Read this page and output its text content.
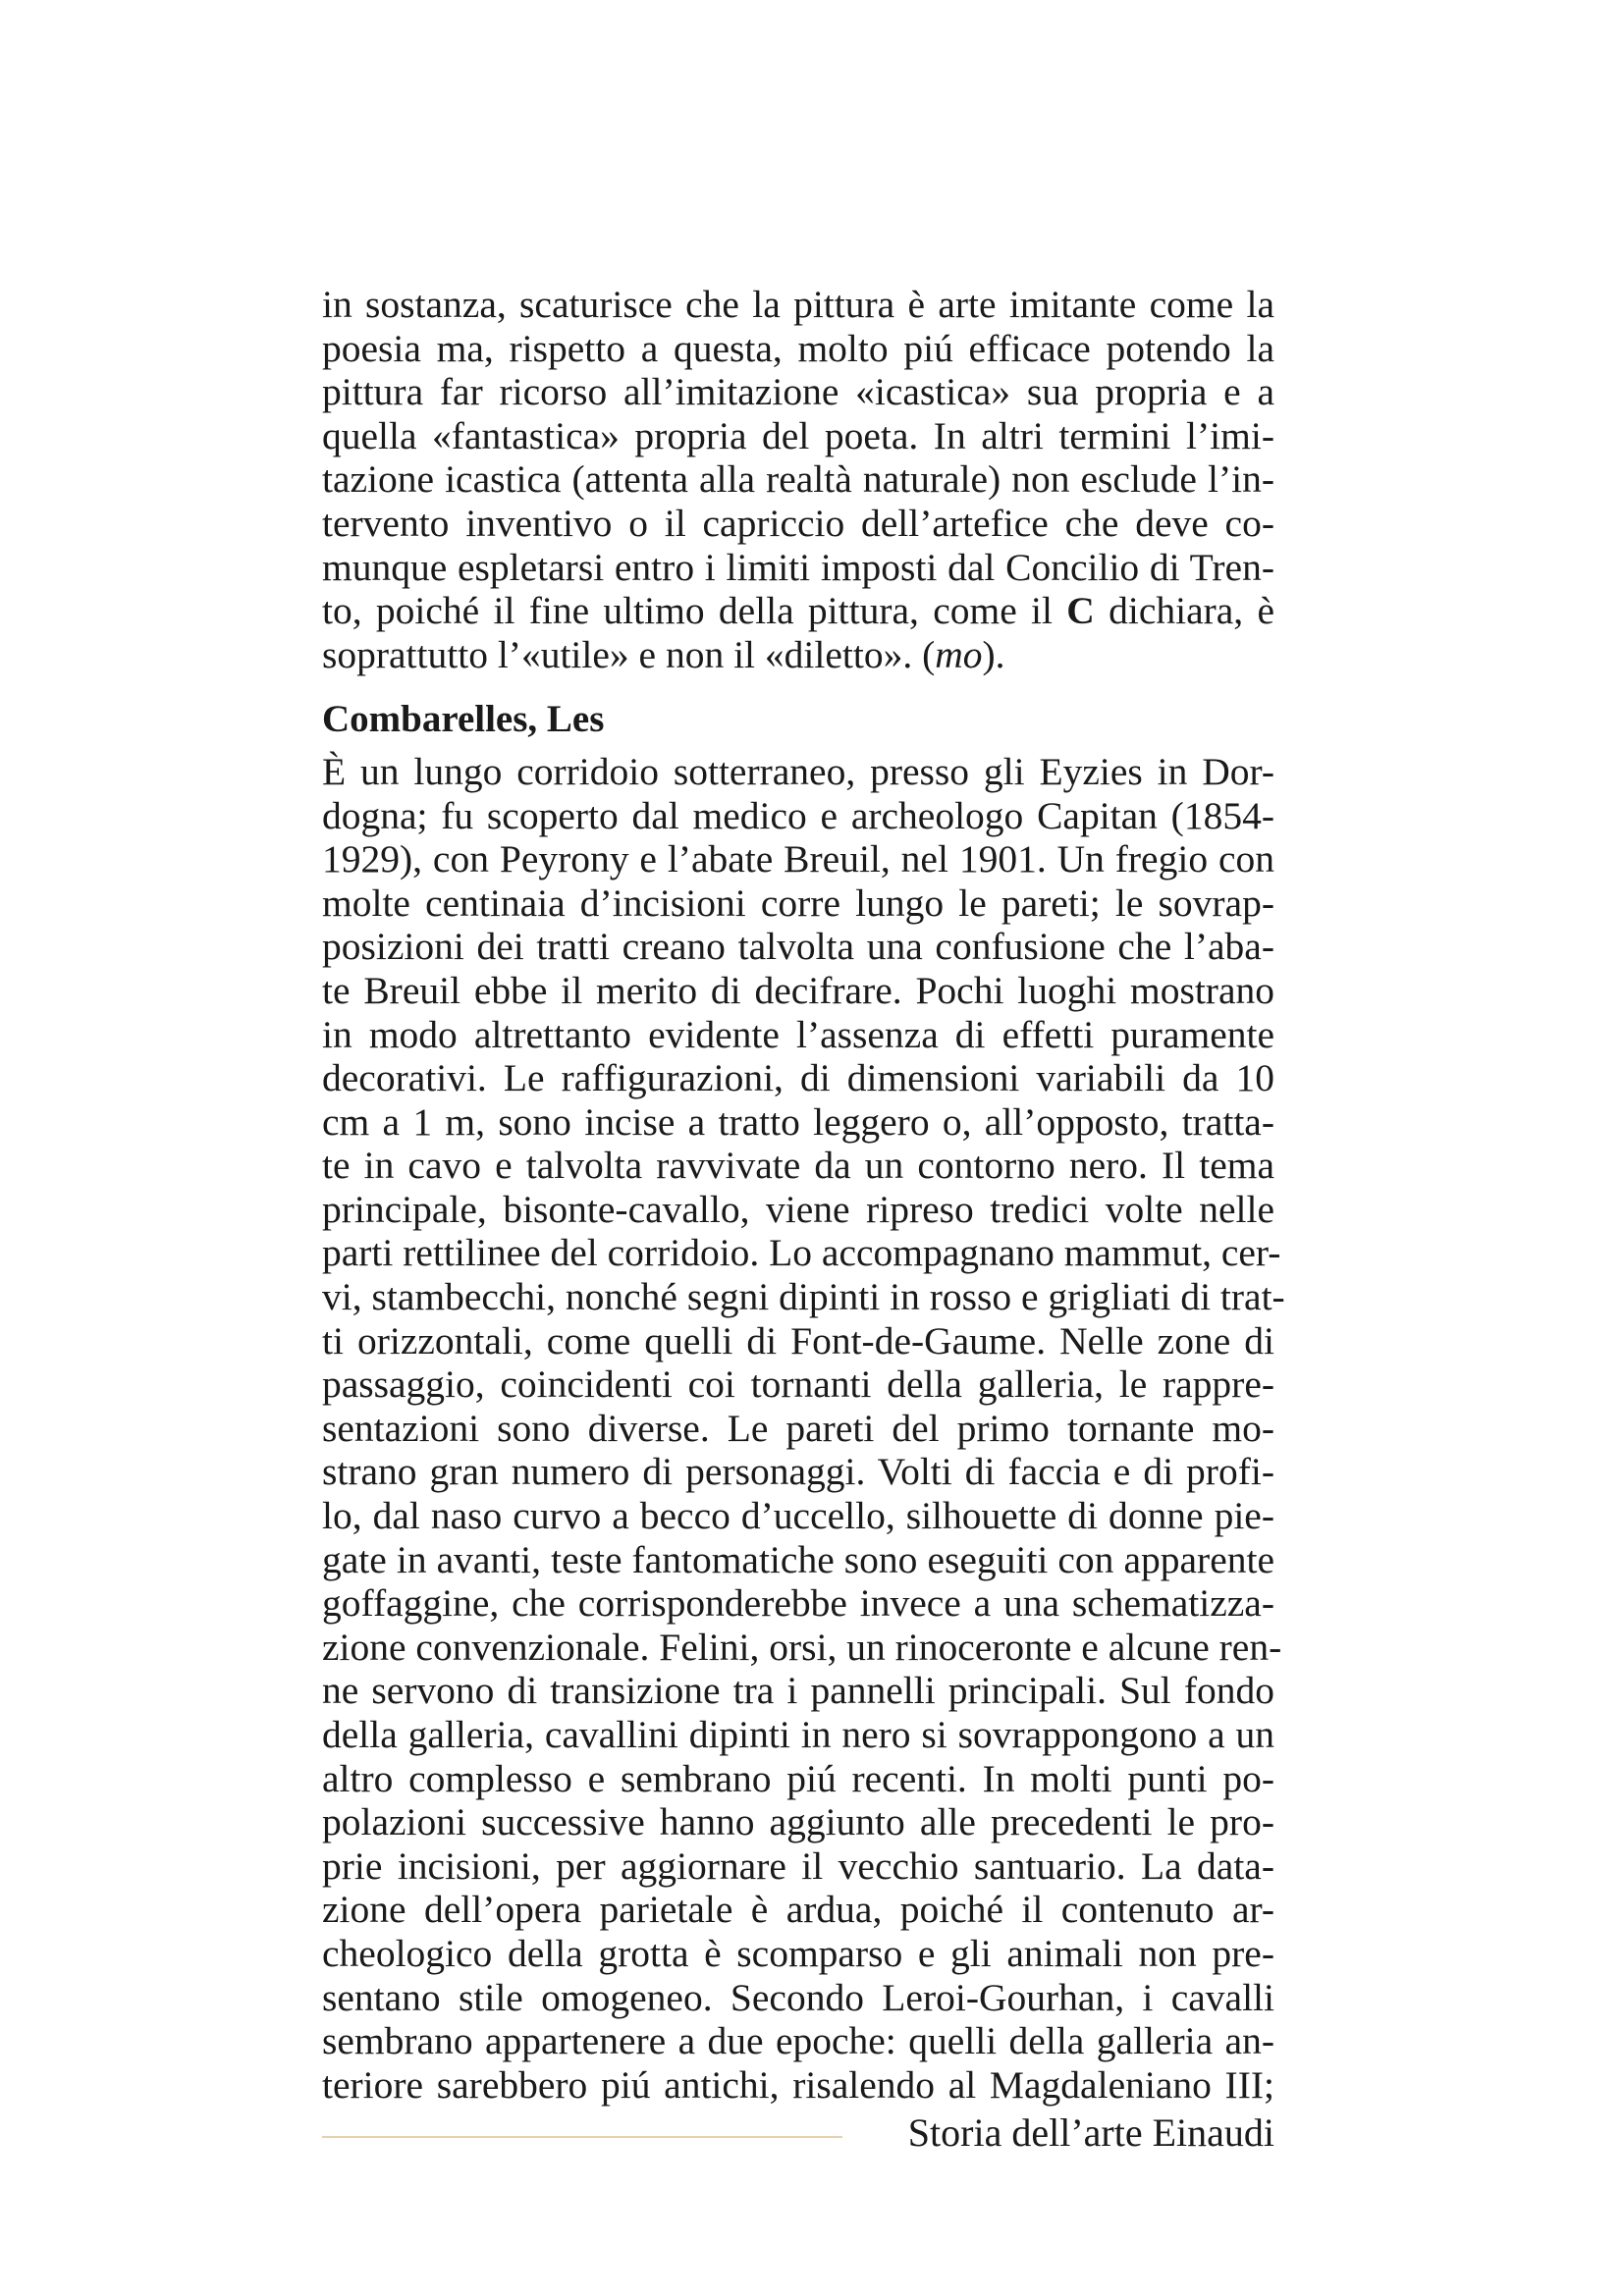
in sostanza, scaturisce che la pittura è arte imitante come la
poesia ma, rispetto a questa, molto piú efficace potendo la
pittura far ricorso all’imitazione «icastica» sua propria e a
quella «fantastica» propria del poeta. In altri termini l’imi-
tazione icastica (attenta alla realtà naturale) non esclude l’in-
tervento inventivo o il capriccio dell’artefice che deve co-
munque espletarsi entro i limiti imposti dal Concilio di Tren-
to, poiché il fine ultimo della pittura, come il C dichiara, è
soprattutto l’«utile» e non il «diletto». (mo).
Combarelles, Les
È un lungo corridoio sotterraneo, presso gli Eyzies in Dor-
dogna; fu scoperto dal medico e archeologo Capitan (1854-
1929), con Peyrony e l’abate Breuil, nel 1901. Un fregio con
molte centinaia d’incisioni corre lungo le pareti; le sovrap-
posizioni dei tratti creano talvolta una confusione che l’aba-
te Breuil ebbe il merito di decifrare. Pochi luoghi mostrano
in modo altrettanto evidente l’assenza di effetti puramente
decorativi. Le raffigurazioni, di dimensioni variabili da 10
cm a 1 m, sono incise a tratto leggero o, all’opposto, tratta-
te in cavo e talvolta ravvivate da un contorno nero. Il tema
principale, bisonte-cavallo, viene ripreso tredici volte nelle
parti rettilinee del corridoio. Lo accompagnano mammut, cer-
vi, stambecchi, nonché segni dipinti in rosso e grigliati di trat-
ti orizzontali, come quelli di Font-de-Gaume. Nelle zone di
passaggio, coincidenti coi tornanti della galleria, le rappre-
sentazioni sono diverse. Le pareti del primo tornante mo-
strano gran numero di personaggi. Volti di faccia e di profi-
lo, dal naso curvo a becco d’uccello, silhouette di donne pie-
gate in avanti, teste fantomatiche sono eseguiti con apparente
goffaggine, che corrisponderebbe invece a una schematizza-
zione convenzionale. Felini, orsi, un rinoceronte e alcune ren-
ne servono di transizione tra i pannelli principali. Sul fondo
della galleria, cavallini dipinti in nero si sovrappongono a un
altro complesso e sembrano piú recenti. In molti punti po-
polazioni successive hanno aggiunto alle precedenti le pro-
prie incisioni, per aggiornare il vecchio santuario. La data-
zione dell’opera parietale è ardua, poiché il contenuto ar-
cheologico della grotta è scomparso e gli animali non pre-
sentano stile omogeneo. Secondo Leroi-Gourhan, i cavalli
sembrano appartenere a due epoche: quelli della galleria an-
teriore sarebbero piú antichi, risalendo al Magdaleniano III;
Storia dell’arte Einaudi
